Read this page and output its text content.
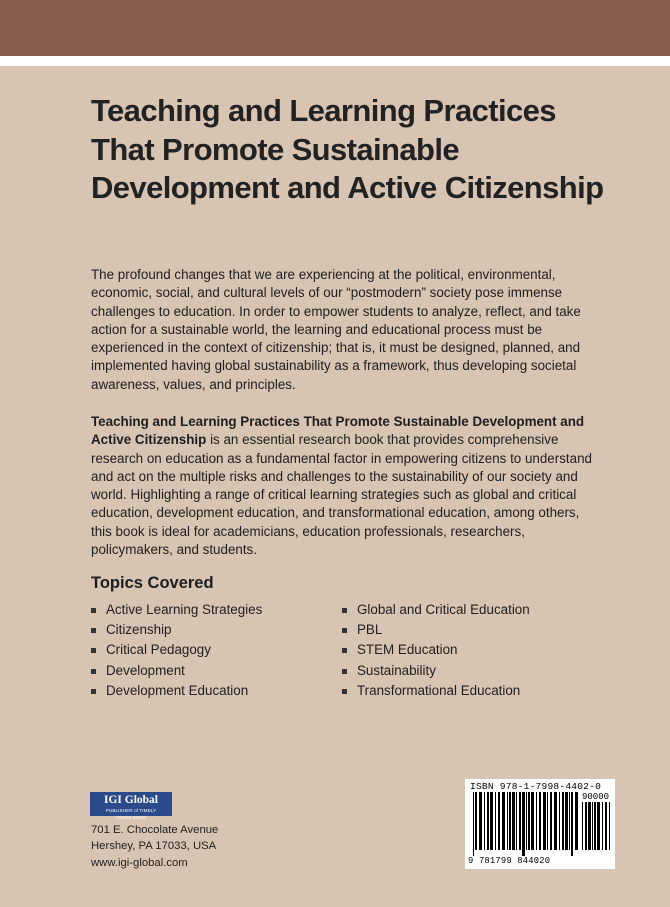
Teaching and Learning Practices That Promote Sustainable Development and Active Citizenship

The profound changes that we are experiencing at the political, environmental, economic, social, and cultural levels of our “postmodern” society pose immense challenges to education. In order to empower students to analyze, reflect, and take action for a sustainable world, the learning and educational process must be experienced in the context of citizenship; that is, it must be designed, planned, and implemented having global sustainability as a framework, thus developing societal awareness, values, and principles.

Teaching and Learning Practices That Promote Sustainable Development and Active Citizenship is an essential research book that provides comprehensive research on education as a fundamental factor in empowering citizens to understand and act on the multiple risks and challenges to the sustainability of our society and world. Highlighting a range of critical learning strategies such as global and critical education, development education, and transformational education, among others, this book is ideal for academicians, education professionals, researchers, policymakers, and students.

Topics Covered
Active Learning Strategies
Citizenship
Critical Pedagogy
Development
Development Education
Global and Critical Education
PBL
STEM Education
Sustainability
Transformational Education
IGI Global
PUBLISHER of TIMELY KNOWLEDGE

701 E. Chocolate Avenue
Hershey, PA 17033, USA
www.igi-global.com

ISBN 978-1-7998-4402-0
90000
9 781799 844020
